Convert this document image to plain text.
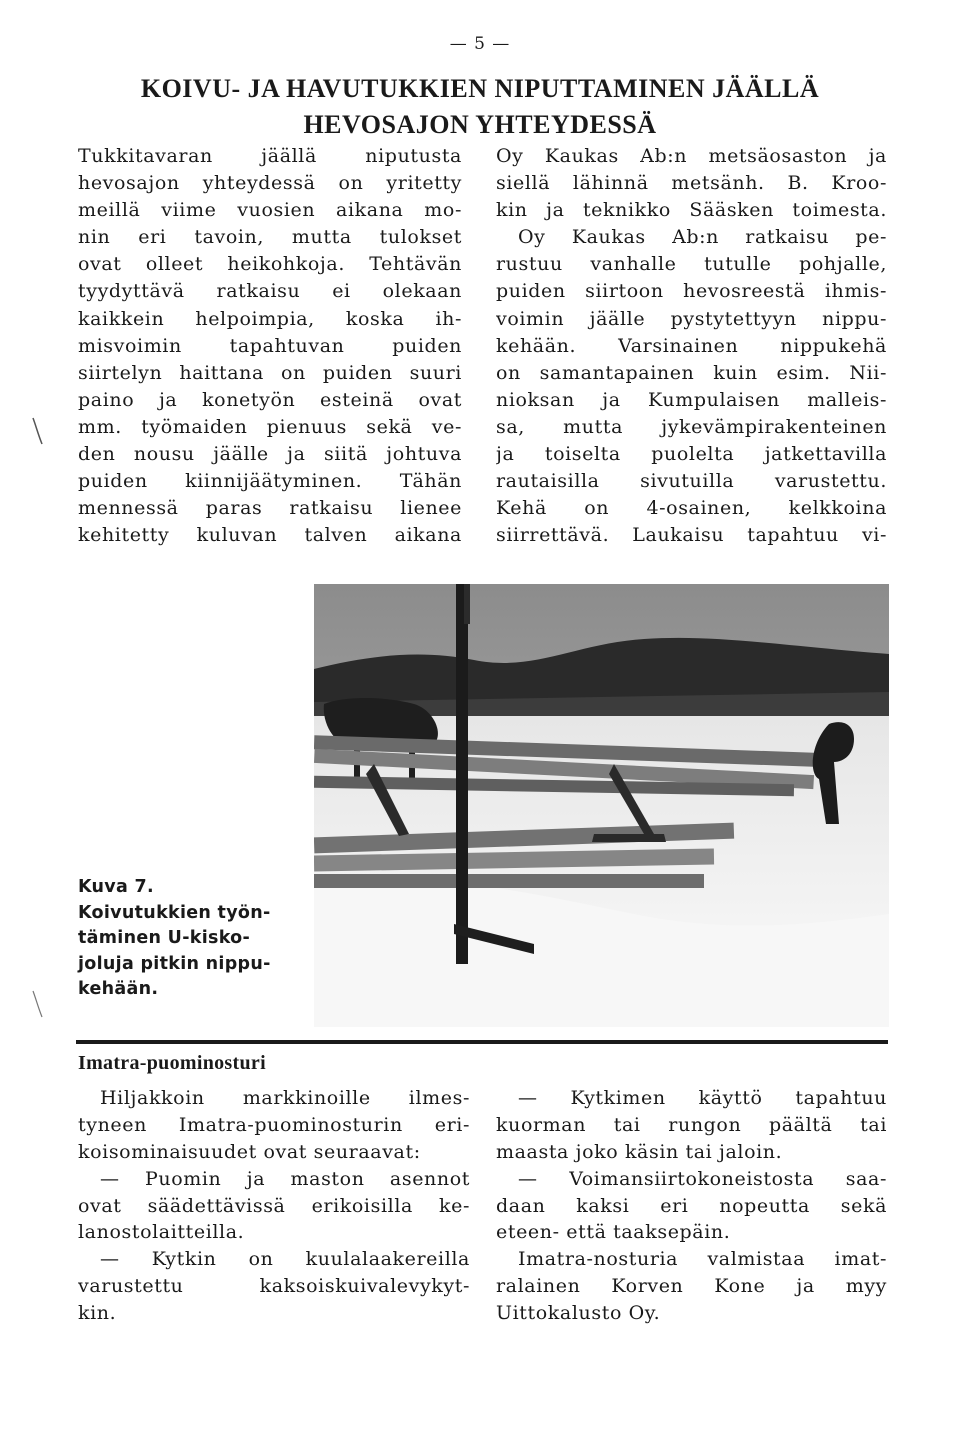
— 5 —
KOIVU- JA HAVUTUKKIEN NIPUTTAMINEN JÄÄLLÄ
HEVOSAJON YHTEYDESSÄ
Tukkitavaran jäällä niputusta
hevosajon yhteydessä on yritetty
meillä viime vuosien aikana mo-
nin eri tavoin, mutta tulokset
ovat olleet heikohkoja. Tehtävän
tyydyttävä ratkaisu ei olekaan
kaikkein helpoimpia, koska ih-
misvoimin tapahtuvan puiden
siirtelyn haittana on puiden suuri
paino ja konetyön esteinä ovat
mm. työmaiden pienuus sekä ve-
den nousu jäälle ja siitä johtuva
puiden kiinnijäätyminen. Tähän
mennessä paras ratkaisu lienee
kehitetty kuluvan talven aikana
Oy Kaukas Ab:n metsäosaston ja
siellä lähinnä metsänh. B. Kroo-
kin ja teknikko Sääsken toimesta.
Oy Kaukas Ab:n ratkaisu pe-
rustuu vanhalle tutulle pohjalle,
puiden siirtoon hevosreestä ihmis-
voimin jäälle pystytettyyn nippu-
kehään. Varsinainen nippukehä
on samantapainen kuin esim. Nii-
nioksan ja Kumpulaisen malleis-
sa, mutta jykevämpirakenteinen
ja toiselta puolelta jatkettavilla
rautaisilla sivutuilla varustettu.
Kehä on 4-osainen, kelkkoina
siirrettävä. Laukaisu tapahtuu vi-
Kuva 7.
Koivutukkien työn-
täminen U-kisko-
joluja pitkin nippu-
kehään.
Imatra-puominosturi
Hiljakkoin markkinoille ilmes-
tyneen Imatra-puominosturin eri-
koisominaisuudet ovat seuraavat:
— Puomin ja maston asennot
ovat säädettävissä erikoisilla ke-
lanostolaitteilla.
— Kytkin on kuulalaakereilla
varustettu kaksoiskuivalevykyt-
kin.
— Kytkimen käyttö tapahtuu
kuorman tai rungon päältä tai
maasta joko käsin tai jaloin.
— Voimansiirtokoneistosta saa-
daan kaksi eri nopeutta sekä
eteen- että taaksepäin.
Imatra-nosturia valmistaa imat-
ralainen Korven Kone ja myy
Uittokalusto Oy.
